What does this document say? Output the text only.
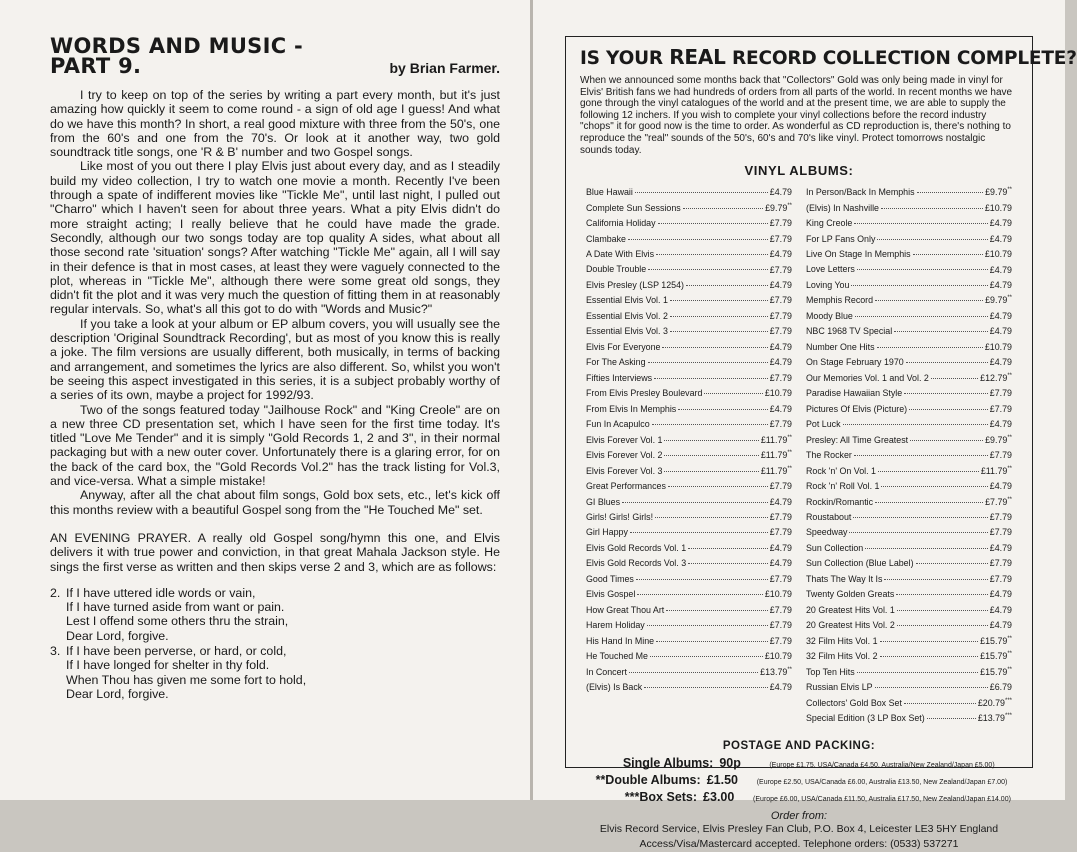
WORDS AND MUSIC -
PART 9.	by Brian Farmer.

I try to keep on top of the series by writing a part every month, but it's just amazing how quickly it seem to come round - a sign of old age I guess! And what do we have this month? In short, a real good mixture with three from the 50's, one from the 60's and one from the 70's. Or look at it another way, two gold soundtrack title songs, one 'R & B' number and two Gospel songs.

Like most of you out there I play Elvis just about every day, and as I steadily build my video collection, I try to watch one movie a month. Recently I've been through a spate of indifferent movies like "Tickle Me", until last night, I pulled out "Charro" which I haven't seen for about three years. What a pity Elvis didn't do more straight acting; I really believe that he could have made the grade. Secondly, although our two songs today are top quality A sides, what about all those second rate 'situation' songs? After watching "Tickle Me" again, all I will say in their defence is that in most cases, at least they were vaguely connected to the plot, whereas in "Tickle Me", although there were some great old songs, they didn't fit the plot and it was very much the question of fitting them in at reasonably regular intervals. So, what's all this got to do with "Words and Music?"

If you take a look at your album or EP album covers, you will usually see the description 'Original Soundtrack Recording', but as most of you know this is really a joke. The film versions are usually different, both musically, in terms of backing and arrangement, and sometimes the lyrics are also different. So, whilst you won't be seeing this aspect investigated in this series, it is a subject probably worthy of a series of its own, maybe a project for 1992/93.

Two of the songs featured today "Jailhouse Rock" and "King Creole" are on a new three CD presentation set, which I have seen for the first time today. It's titled "Love Me Tender" and it is simply "Gold Records 1, 2 and 3", in their normal packaging but with a new outer cover. Unfortunately there is a glaring error, for on the back of the card box, the "Gold Records Vol.2" has the track listing for Vol.3, and vice-versa. What a simple mistake!

Anyway, after all the chat about film songs, Gold box sets, etc., let's kick off this months review with a beautiful Gospel song from the "He Touched Me" set.

AN EVENING PRAYER. A really old Gospel song/hymn this one, and Elvis delivers it with true power and conviction, in that great Mahala Jackson style. He sings the first verse as written and then skips verse 2 and 3, which are as follows:

2. If I have uttered idle words or vain,
If I have turned aside from want or pain.
Lest I offend some others thru the strain,
Dear Lord, forgive.
3. If I have been perverse, or hard, or cold,
If I have longed for shelter in thy fold.
When Thou has given me some fort to hold,
Dear Lord, forgive.
IS YOUR REAL RECORD COLLECTION COMPLETE?
When we announced some months back that "Collectors" Gold was only being made in vinyl for Elvis' British fans we had hundreds of orders from all parts of the world. In recent months we have gone through the vinyl catalogues of the world and at the present time, we are able to supply the following 12 inchers. If you wish to complete your vinyl collections before the record industry "chops" it for good now is the time to order. As wonderful as CD reproduction is, there's nothing to reproduce the "real" sounds of the 50's, 60's and 70's like vinyl. Protect tomorrows nostalgic sounds today.
VINYL ALBUMS:
Blue Hawaii	£4.79
Complete Sun Sessions	£9.79**
California Holiday	£7.79
Clambake	£7.79
A Date With Elvis	£4.79
Double Trouble	£7.79
Elvis Presley (LSP 1254)	£4.79
Essential Elvis Vol. 1	£7.79
Essential Elvis Vol. 2	£7.79
Essential Elvis Vol. 3	£7.79
Elvis For Everyone	£4.79
For The Asking	£4.79
Fifties Interviews	£7.79
From Elvis Presley Boulevard	£10.79
From Elvis In Memphis	£4.79
Fun In Acapulco	£7.79
Elvis Forever Vol. 1	£11.79**
Elvis Forever Vol. 2	£11.79**
Elvis Forever Vol. 3	£11.79**
Great Performances	£7.79
GI Blues	£4.79
Girls! Girls! Girls!	£7.79
Girl Happy	£7.79
Elvis Gold Records Vol. 1	£4.79
Elvis Gold Records Vol. 3	£4.79
Good Times	£7.79
Elvis Gospel	£10.79
How Great Thou Art	£7.79
Harem Holiday	£7.79
His Hand In Mine	£7.79
He Touched Me	£10.79
In Concert	£13.79**
(Elvis) Is Back	£4.79
In Person/Back In Memphis	£9.79**
(Elvis) In Nashville	£10.79
King Creole	£4.79
For LP Fans Only	£4.79
Live On Stage In Memphis	£10.79
Love Letters	£4.79
Loving You	£4.79
Memphis Record	£9.79**
Moody Blue	£4.79
NBC 1968 TV Special	£4.79
Number One Hits	£10.79
On Stage February 1970	£4.79
Our Memories Vol. 1 and Vol. 2	£12.79**
Paradise Hawaiian Style	£7.79
Pictures Of Elvis (Picture)	£7.79
Pot Luck	£4.79
Presley: All Time Greatest	£9.79**
The Rocker	£7.79
Rock 'n' On Vol. 1	£11.79**
Rock 'n' Roll Vol. 1	£4.79
Rockin/Romantic	£7.79**
Roustabout	£7.79
Speedway	£7.79
Sun Collection	£4.79
Sun Collection (Blue Label)	£7.79
Thats The Way It Is	£7.79
Twenty Golden Greats	£4.79
20 Greatest Hits Vol. 1	£4.79
20 Greatest Hits Vol. 2	£4.79
32 Film Hits Vol. 1	£15.79**
32 Film Hits Vol. 2	£15.79**
Top Ten Hits	£15.79**
Russian Elvis LP	£6.79
Collectors' Gold Box Set	£20.79***
Special Edition (3 LP Box Set)	£13.79***
POSTAGE AND PACKING:
Single Albums: 90p	(Europe £1.75, USA/Canada £4.50, Australia/New Zealand/Japan £5.00)
**Double Albums: £1.50	(Europe £2.50, USA/Canada £6.00, Australia £13.50, New Zealand/Japan £7.00)
***Box Sets: £3.00	(Europe £6.00, USA/Canada £11.50, Australia £17.50, New Zealand/Japan £14.00)
Order from:
Elvis Record Service, Elvis Presley Fan Club, P.O. Box 4, Leicester LE3 5HY England
Access/Visa/Mastercard accepted. Telephone orders: (0533) 537271
